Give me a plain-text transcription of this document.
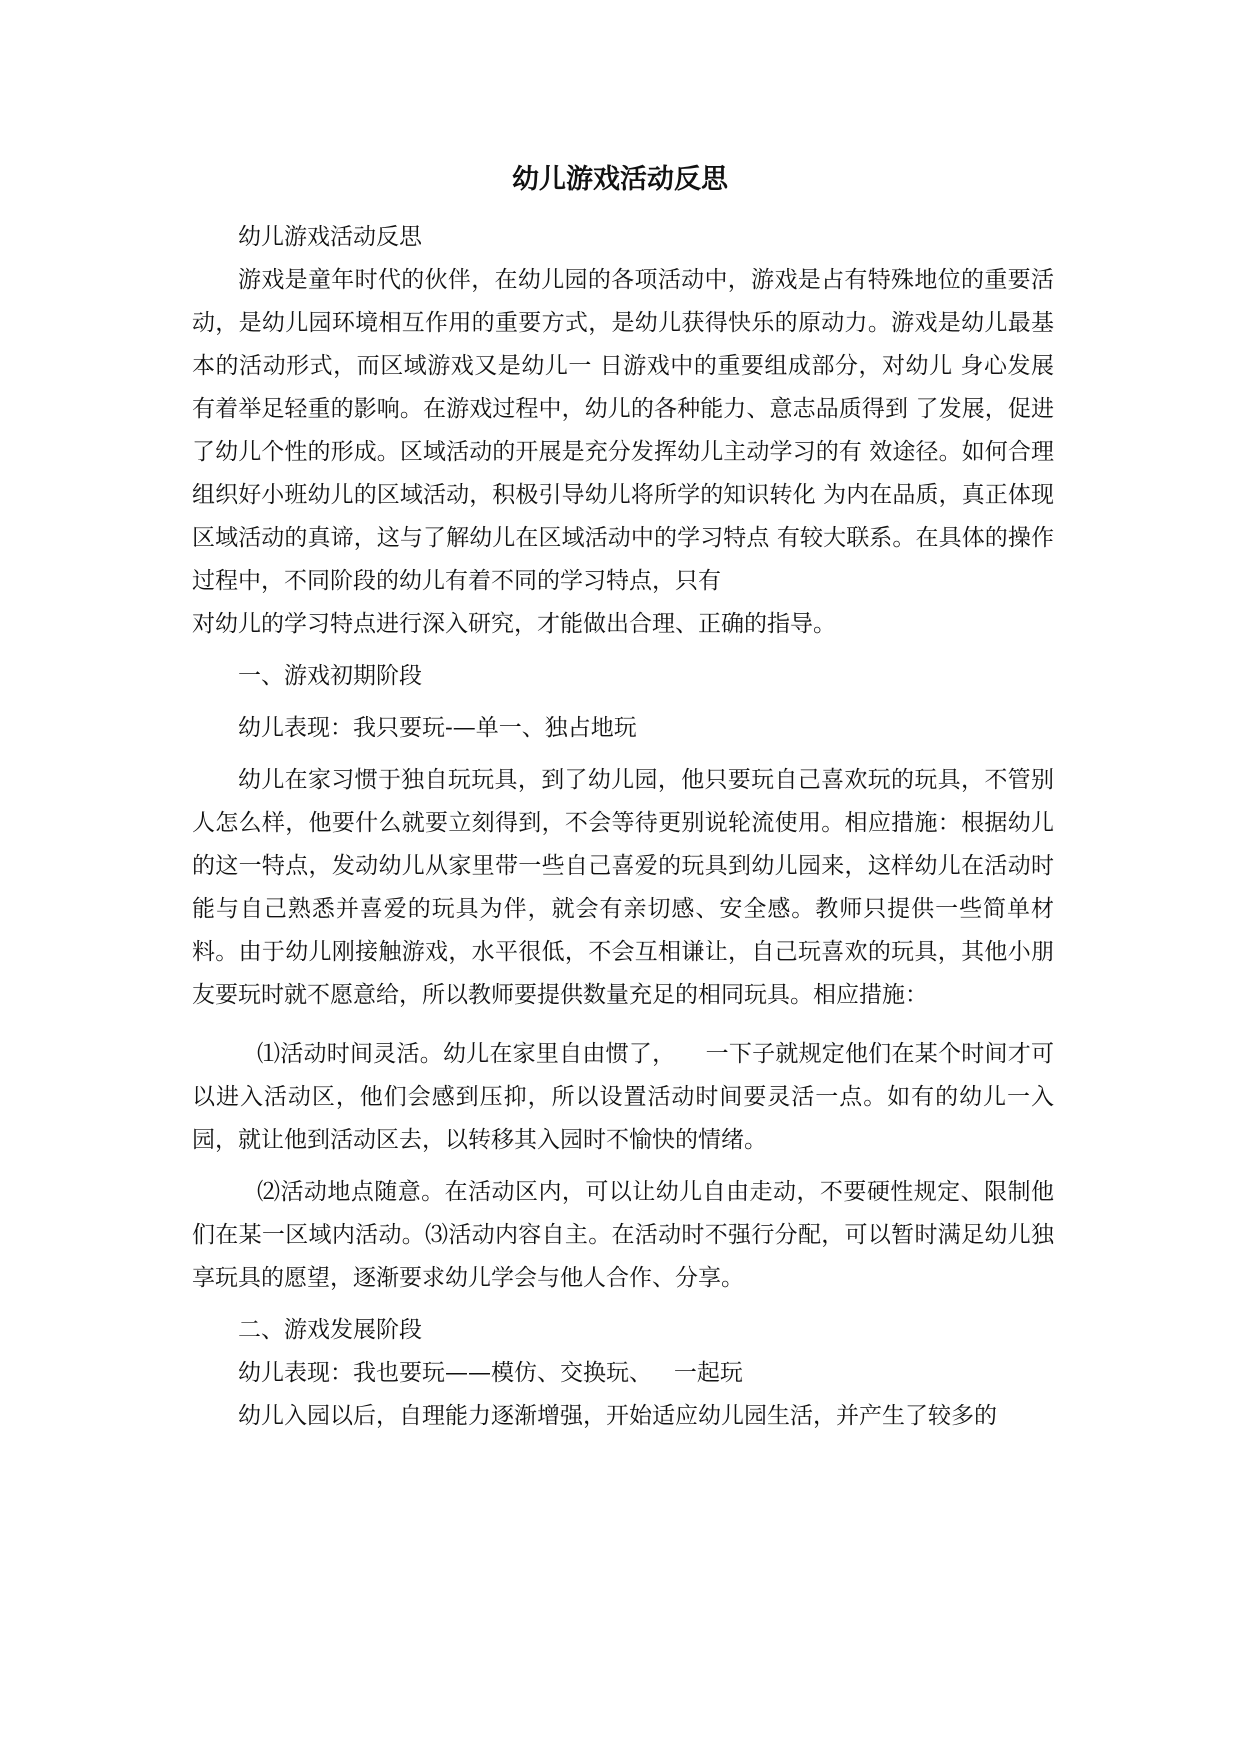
幼儿游戏活动反思

幼儿游戏活动反思

游戏是童年时代的伙伴，在幼儿园的各项活动中，游戏是占有特殊地位的重要活动，是幼儿园环境相互作用的重要方式，是幼儿获得快乐的原动力。游戏是幼儿最基本的活动形式，而区域游戏又是幼儿一 日游戏中的重要组成部分，对幼儿 身心发展有着举足轻重的影响。在游戏过程中，幼儿的各种能力、意志品质得到 了发展，促进了幼儿个性的形成。区域活动的开展是充分发挥幼儿主动学习的有 效途径。如何合理组织好小班幼儿的区域活动，积极引导幼儿将所学的知识转化 为内在品质，真正体现区域活动的真谛，这与了解幼儿在区域活动中的学习特点 有较大联系。在具体的操作过程中，不同阶段的幼儿有着不同的学习特点，只有

对幼儿的学习特点进行深入研究，才能做出合理、正确的指导。

一、游戏初期阶段

幼儿表现：我只要玩-—单一、独占地玩

幼儿在家习惯于独自玩玩具，到了幼儿园，他只要玩自己喜欢玩的玩具，不管别人怎么样，他要什么就要立刻得到，不会等待更别说轮流使用。相应措施：根据幼儿的这一特点，发动幼儿从家里带一些自己喜爱的玩具到幼儿园来，这样幼儿在活动时能与自己熟悉并喜爱的玩具为伴，就会有亲切感、安全感。教师只提供一些简单材料。由于幼儿刚接触游戏，水平很低，不会互相谦让，自己玩喜欢的玩具，其他小朋友要玩时就不愿意给，所以教师要提供数量充足的相同玩具。相应措施：

⑴活动时间灵活。幼儿在家里自由惯了，    一下子就规定他们在某个时间才可以进入活动区，他们会感到压抑，所以设置活动时间要灵活一点。如有的幼儿一入园，就让他到活动区去，以转移其入园时不愉快的情绪。

⑵活动地点随意。在活动区内，可以让幼儿自由走动，不要硬性规定、限制他们在某一区域内活动。⑶活动内容自主。在活动时不强行分配，可以暂时满足幼儿独享玩具的愿望，逐渐要求幼儿学会与他人合作、分享。

二、游戏发展阶段

幼儿表现：我也要玩——模仿、交换玩、   一起玩

幼儿入园以后，自理能力逐渐增强，开始适应幼儿园生活，并产生了较多的
